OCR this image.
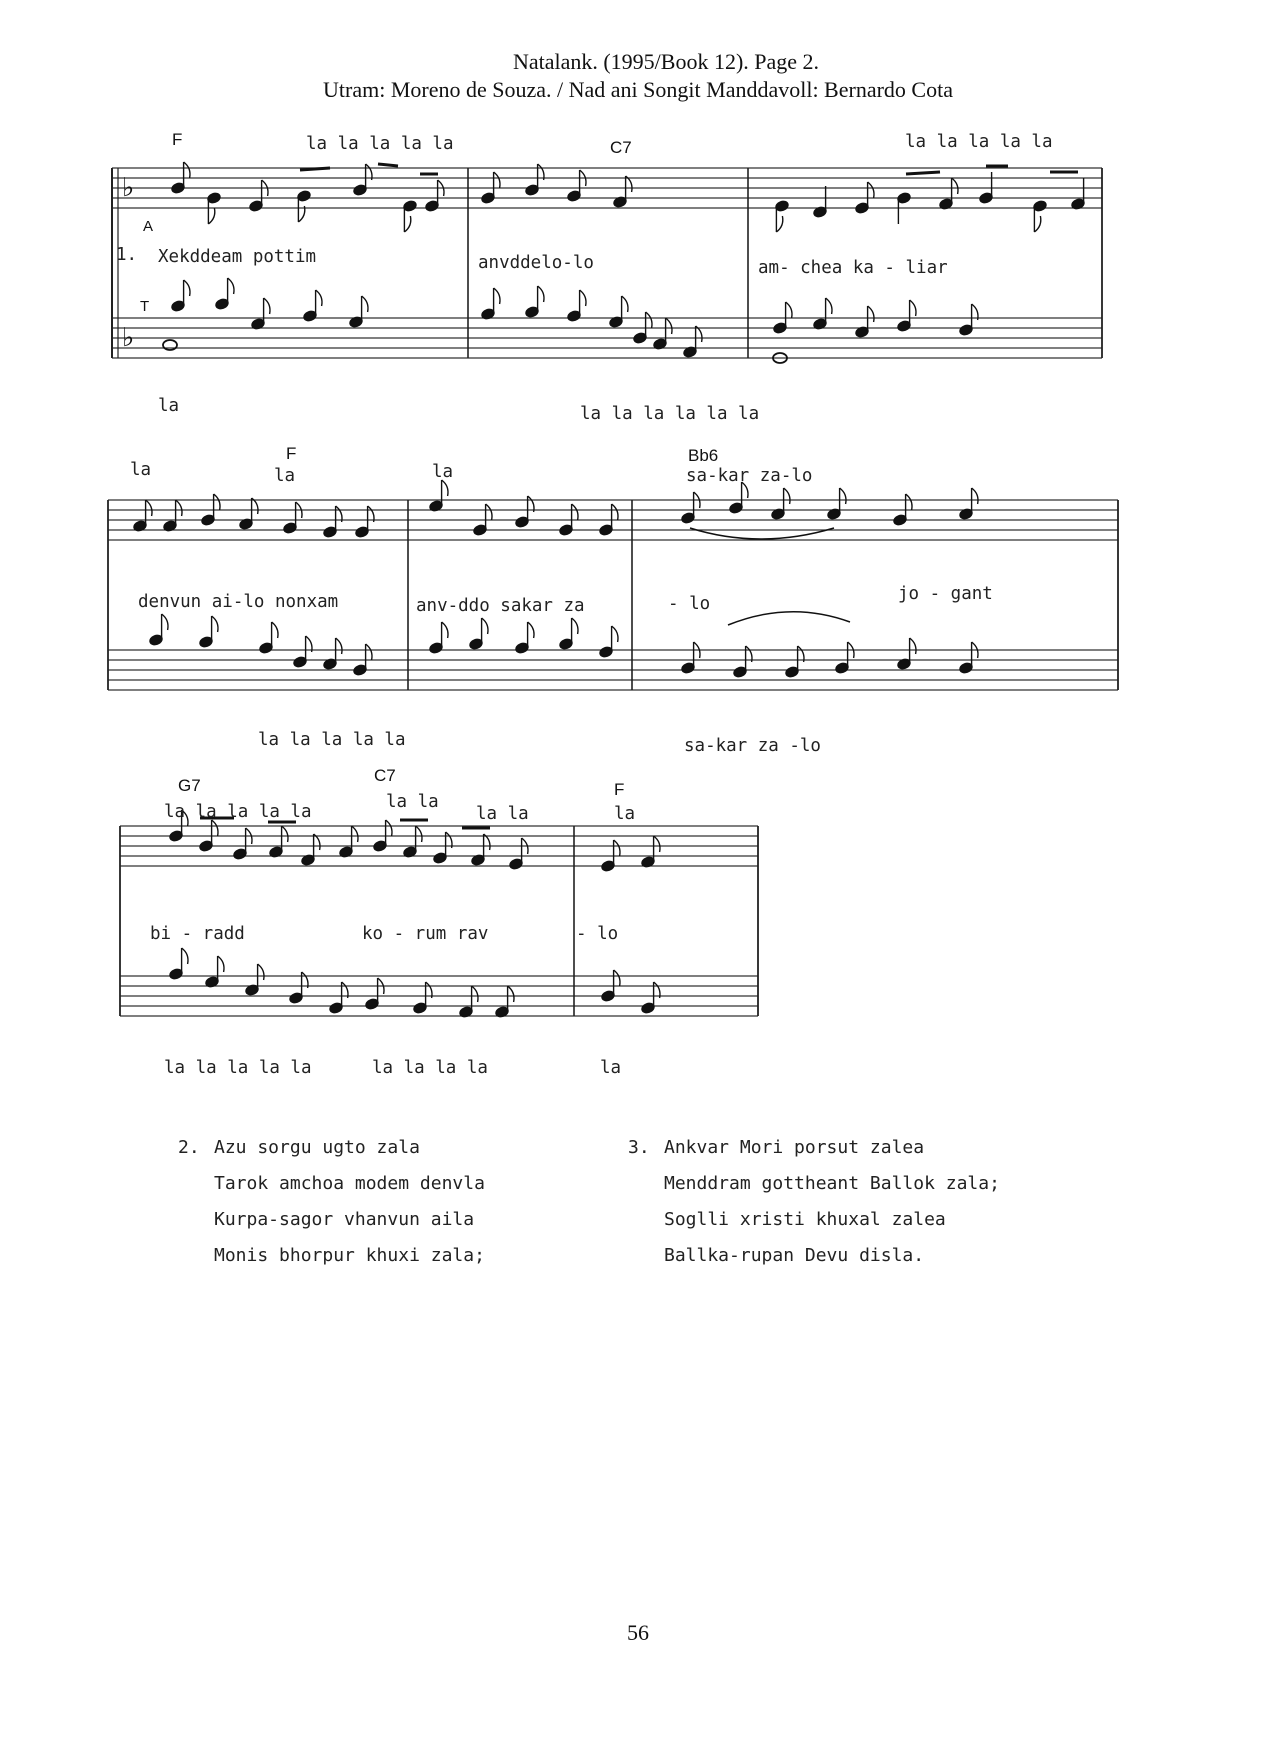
Natalank. (1995/Book 12). Page 2.
Utram: Moreno de Souza. / Nad ani Songit Manddavoll: Bernardo Cota
♭
♭
F	C7
la la la la la	la la la la la
A
1. Xekddeam pottim	anvddelo-lo	am- chea ka - liar
T
la	la la la la la la
la
F
la	la
Bb6
sa-kar za-lo
denvun ai-lo nonxam	anv-ddo sakar za	- lo	jo - gant
la la la la la	sa-kar za -lo
G7
C7
F
la la la la la	la la
la la	la
bi - radd	ko - rum rav	- lo
la la la la la	la la la la	la
2. Azu sorgu ugto zala
Tarok amchoa modem denvla
Kurpa-sagor vhanvun aila
Monis bhorpur khuxi zala;
3. Ankvar Mori porsut zalea
Menddram gottheant Ballok zala;
Soglli xristi khuxal zalea
Ballka-rupan Devu disla.
56
